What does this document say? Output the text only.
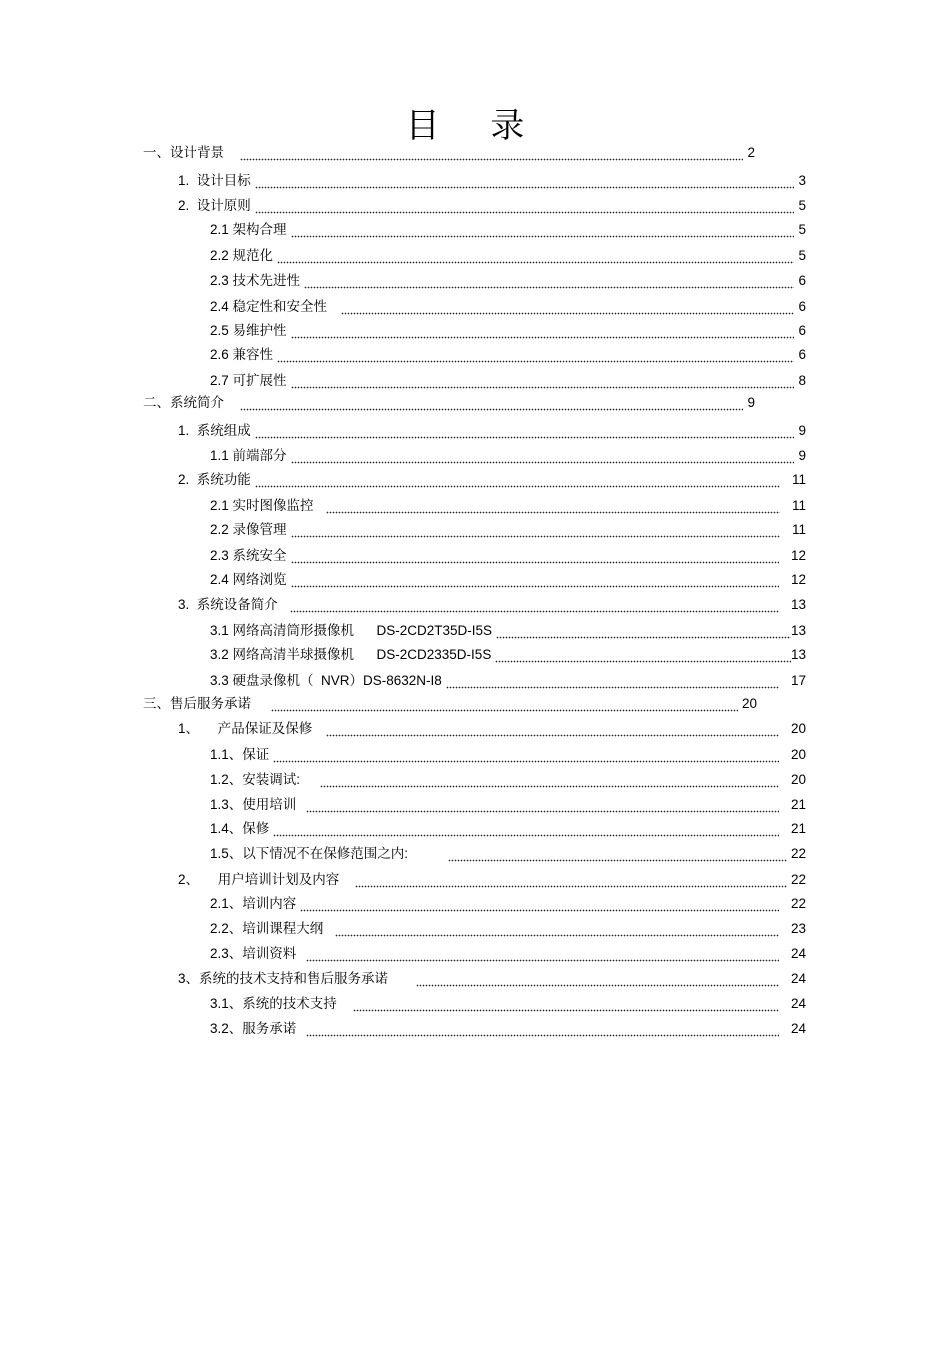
目 录
一、设计背景	2
1.  设计目标	3
2.  设计原则	5
2.1 架构合理	5
2.2 规范化	5
2.3 技术先进性	6
2.4 稳定性和安全性	6
2.5 易维护性	6
2.6 兼容性	6
2.7 可扩展性	8
二、系统简介	9
1.  系统组成	9
1.1 前端部分	9
2.  系统功能	11
2.1 实时图像监控	11
2.2 录像管理	11
2.3 系统安全	12
2.4 网络浏览	12
3.  系统设备简介	13
3.1 网络高清筒形摄像机      DS-2CD2T35D-I5S	13
3.2 网络高清半球摄像机      DS-2CD2335D-I5S	13
3.3 硬盘录像机（  NVR）DS-8632N-I8	17
三、售后服务承诺	20
1、     产品保证及保修	20
1.1、保证	20
1.2、安装调试:	20
1.3、使用培训	21
1.4、保修	21
1.5、以下情况不在保修范围之内:	22
2、     用户培训计划及内容	22
2.1、培训内容	22
2.2、培训课程大纲	23
2.3、培训资料	24
3、系统的技术支持和售后服务承诺	24
3.1、系统的技术支持	24
3.2、服务承诺	24
